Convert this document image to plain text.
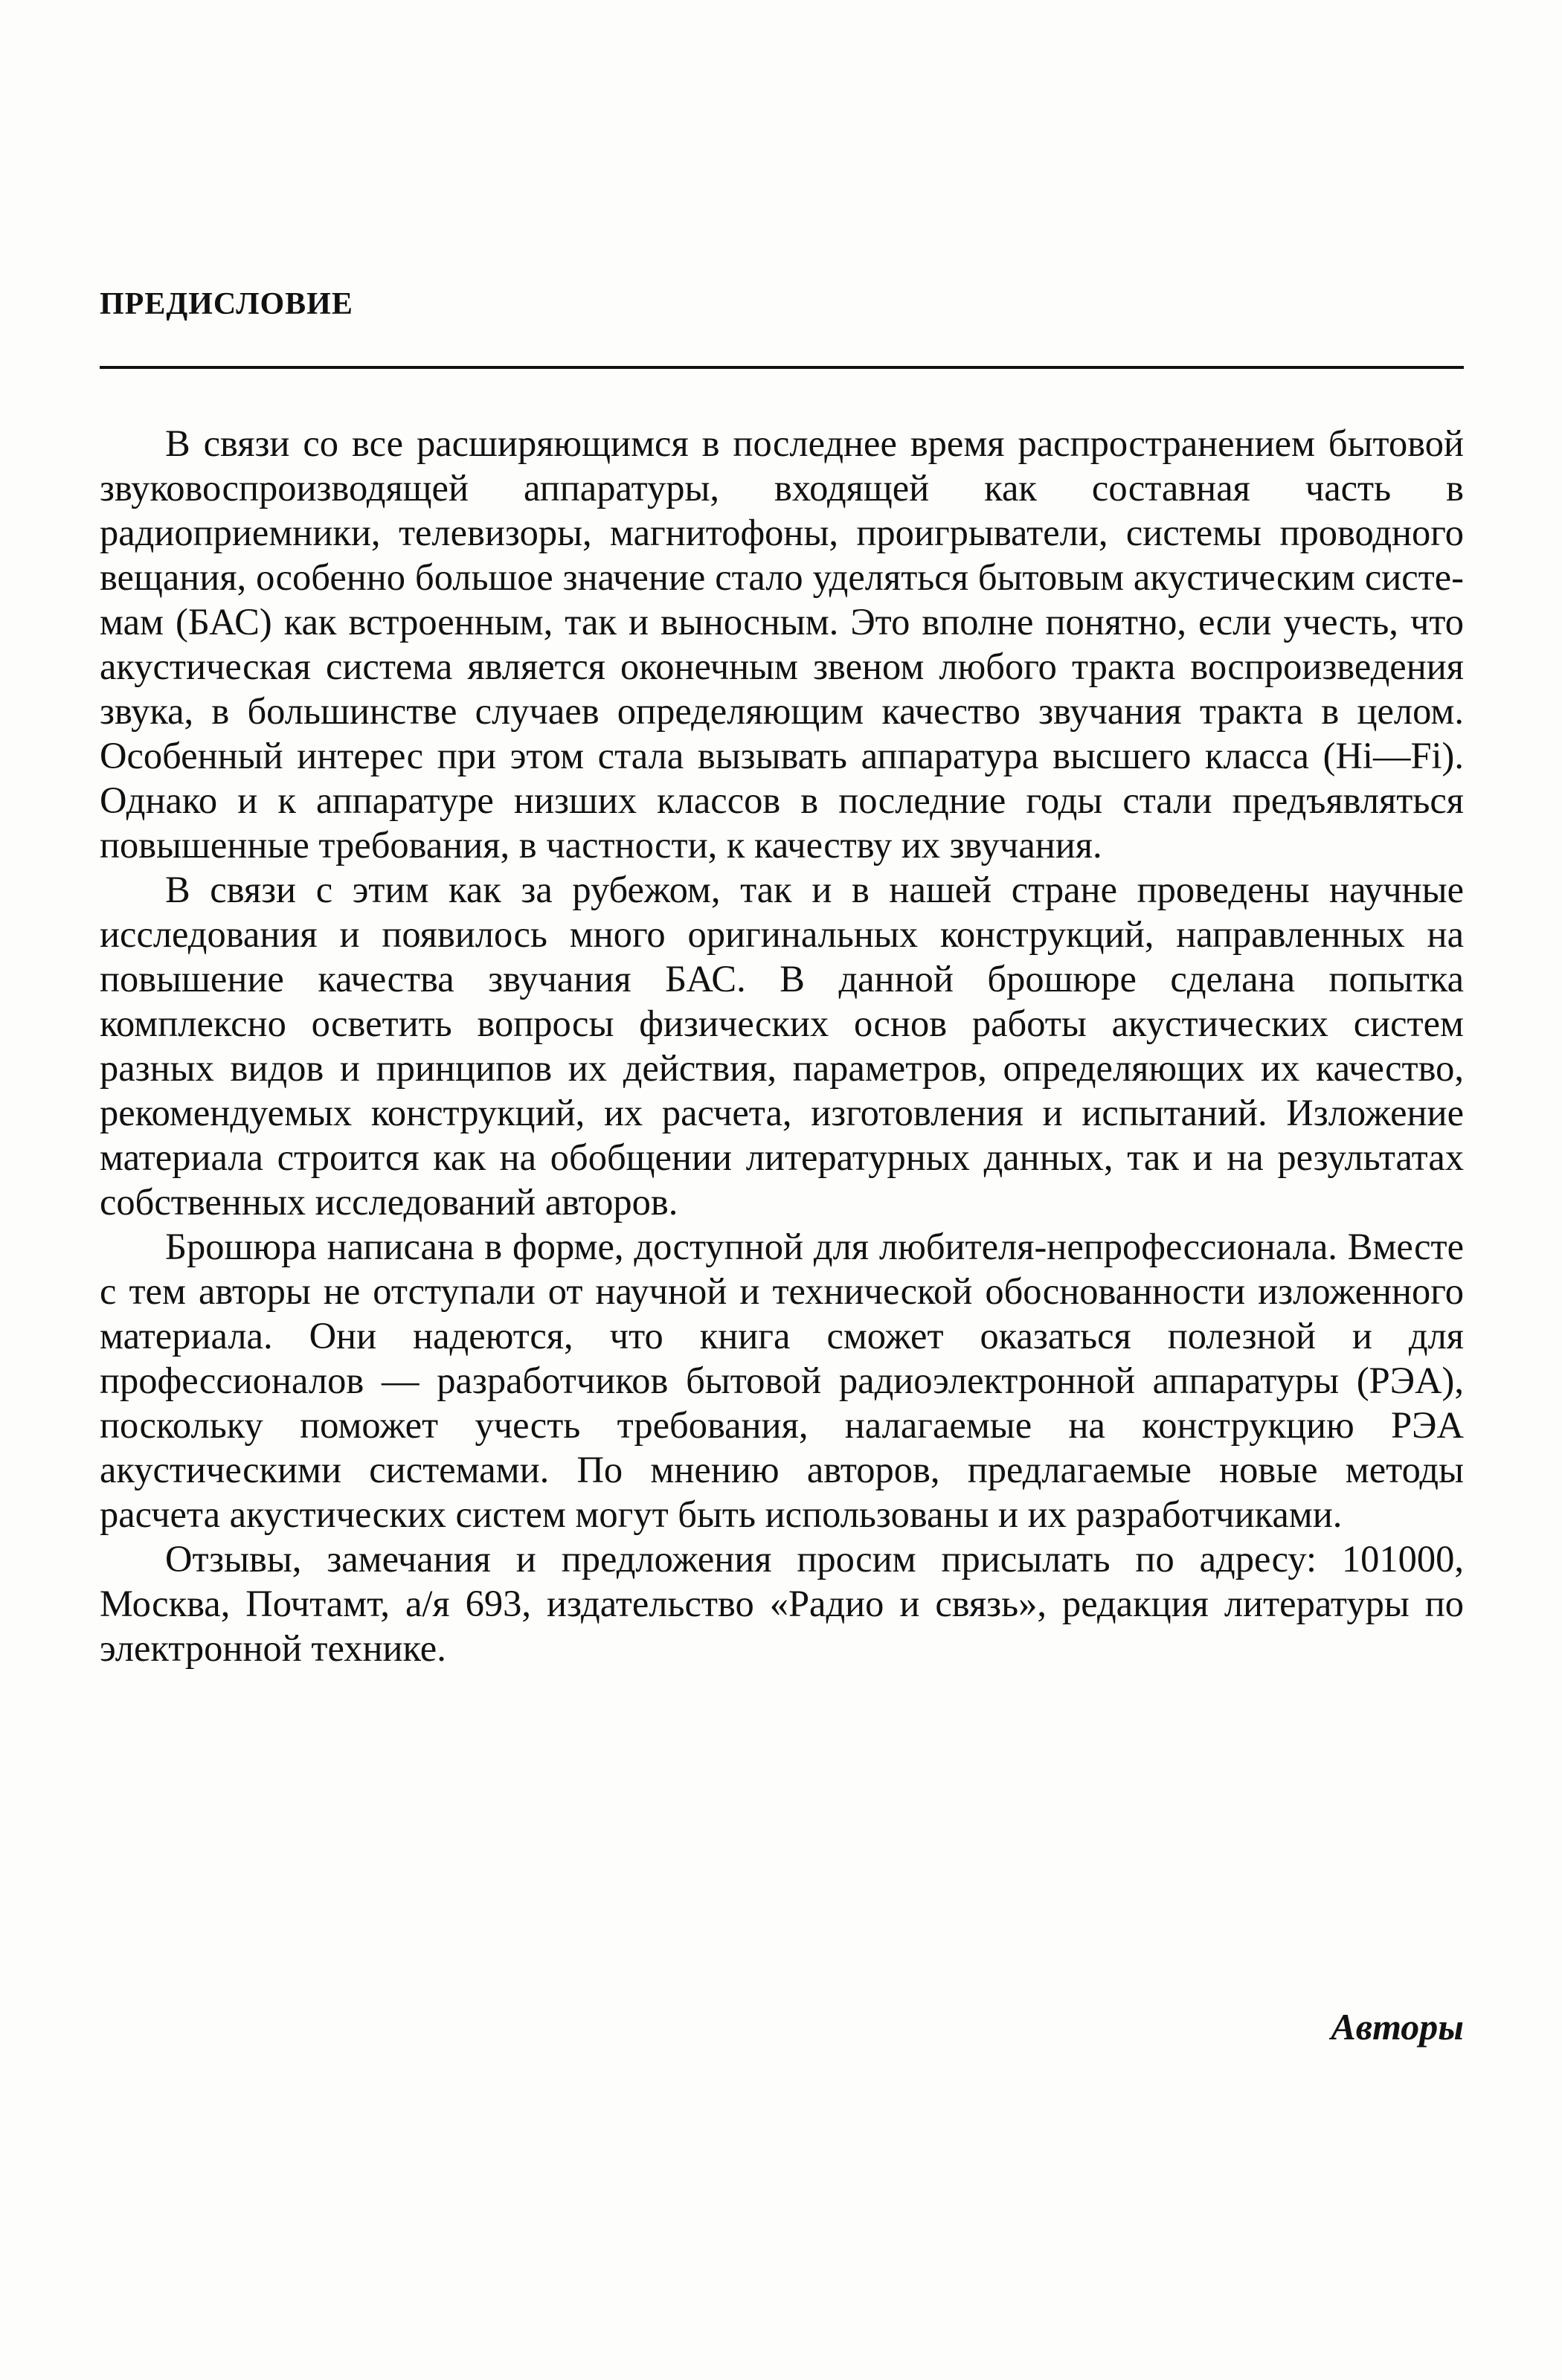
ПРЕДИСЛОВИЕ

В связи со все расширяющимся в последнее время распространением бытовой звуковоспроизводящей аппаратуры, входящей как составная часть в радиоприемники, телевизоры, магнитофоны, проигрыватели, системы проводного вещания, особенно большое значение стало уделяться бытовым акустическим системам (БАС) как встроенным, так и выносным. Это вполне понятно, если учесть, что акустическая система является оконечным звеном любого тракта воспроизведения звука, в большинстве случаев определяющим качество звучания тракта в целом. Особенный интерес при этом стала вызывать аппаратура высшего класса (Hi—Fi). Однако и к аппаратуре низших классов в последние годы стали предъявляться повышенные требования, в частности, к качеству их звучания.

В связи с этим как за рубежом, так и в нашей стране проведены научные исследования и появилось много оригинальных конструкций, направленных на повышение качества звучания БАС. В данной брошюре сделана попытка комплексно осветить вопросы физических основ работы акустических систем разных видов и принципов их действия, параметров, определяющих их качество, рекомендуемых конструкций, их расчета, изготовления и испытаний. Изложение материала строится как на обобщении литературных данных, так и на результатах собственных исследований авторов.

Брошюра написана в форме, доступной для любителя-непрофессионала. Вместе с тем авторы не отступали от научной и технической обоснованности изложенного материала. Они надеются, что книга сможет оказаться полезной и для профессионалов — разработчиков бытовой радиоэлектронной аппаратуры (РЭА), поскольку поможет учесть требования, налагаемые на конструкцию РЭА акустическими системами. По мнению авторов, предлагаемые новые методы расчета акустических систем могут быть использованы и их разработчиками.

Отзывы, замечания и предложения просим присылать по адресу: 101000, Москва, Почтамт, а/я 693, издательство «Радио и связь», редакция литературы по электронной технике.

Авторы
